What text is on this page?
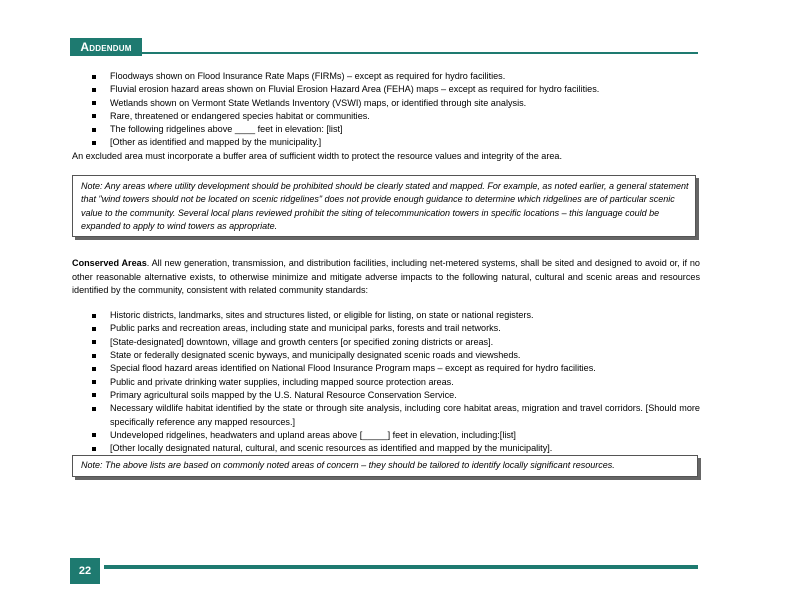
Addendum
Floodways shown on Flood Insurance Rate Maps (FIRMs) – except as required for hydro facilities.
Fluvial erosion hazard areas shown on Fluvial Erosion Hazard Area (FEHA) maps – except as required for hydro facilities.
Wetlands shown on Vermont State Wetlands Inventory (VSWI) maps, or identified through site analysis.
Rare, threatened or endangered species habitat or communities.
The following ridgelines above ____ feet in elevation: [list]
[Other as identified and mapped by the municipality.]

An excluded area must incorporate a buffer area of sufficient width to protect the resource values and integrity of the area.

Note: Any areas where utility development should be prohibited should be clearly stated and mapped. For example, as noted earlier, a general statement that "wind towers should not be located on scenic ridgelines" does not provide enough guidance to determine which ridgelines are of particular scenic value to the community. Several local plans reviewed prohibit the siting of telecommunication towers in specific locations – this language could be expanded to apply to wind towers as appropriate.

Conserved Areas. All new generation, transmission, and distribution facilities, including net-metered systems, shall be sited and designed to avoid or, if no other reasonable alternative exists, to otherwise minimize and mitigate adverse impacts to the following natural, cultural and scenic areas and resources identified by the community, consistent with related community standards:

Historic districts, landmarks, sites and structures listed, or eligible for listing, on state or national registers.
Public parks and recreation areas, including state and municipal parks, forests and trail networks.
[State-designated] downtown, village and growth centers [or specified zoning districts or areas].
State or federally designated scenic byways, and municipally designated scenic roads and viewsheds.
Special flood hazard areas identified on National Flood Insurance Program maps – except as required for hydro facilities.
Public and private drinking water supplies, including mapped source protection areas.
Primary agricultural soils mapped by the U.S. Natural Resource Conservation Service.
Necessary wildlife habitat identified by the state or through site analysis, including core habitat areas, migration and travel corridors. [Should more specifically reference any mapped resources.]
Undeveloped ridgelines, headwaters and upland areas above [_____] feet in elevation, including:[list]
[Other locally designated natural, cultural, and scenic resources as identified and mapped by the municipality].
Note: The above lists are based on commonly noted areas of concern – they should be tailored to identify locally significant resources.
22
